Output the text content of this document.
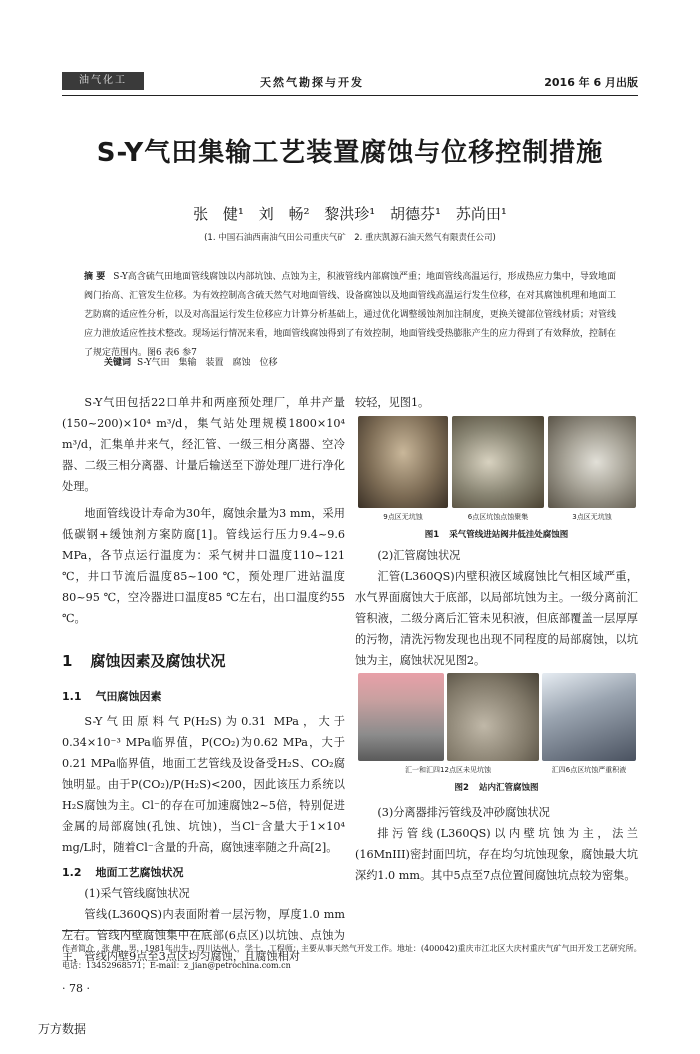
油气化工	天然气勘探与开发	2016 年 6 月出版
S-Y气田集输工艺装置腐蚀与位移控制措施
张 健¹ 刘 畅² 黎洪珍¹ 胡德芬¹ 苏尚田¹
(1. 中国石油西南油气田公司重庆气矿　2. 重庆凯源石油天然气有限责任公司)
摘 要 S-Y高含硫气田地面管线腐蚀以内部坑蚀、点蚀为主，积液管线内部腐蚀严重；地面管线高温运行，形成热应力集中，导致地面阀门抬高、汇管发生位移。为有效控制高含硫天然气对地面管线、设备腐蚀以及地面管线高温运行发生位移，在对其腐蚀机理和地面工艺防腐的适应性分析，以及对高温运行发生位移应力计算分析基础上，通过优化调整缓蚀剂加注制度，更换关键部位管线材质；对管线应力泄放适应性技术整改。现场运行情况来看，地面管线腐蚀得到了有效控制，地面管线受热膨胀产生的应力得到了有效释放，控制在了规定范围内。图6 表6 参7
关键词 S-Y气田　集输　装置　腐蚀　位移

S-Y气田包括22口单井和两座预处理厂，单井产量(150~200)×10⁴ m³/d，集气站处理规模1800×10⁴ m³/d，汇集单井来气，经汇管、一级三相分离器、空冷器、二级三相分离器、计量后输送至下游处理厂进行净化处理。

地面管线设计寿命为30年，腐蚀余量为3 mm，采用低碳钢+缓蚀剂方案防腐[1]。管线运行压力9.4~9.6 MPa，各节点运行温度为：采气树井口温度110~121 ℃，井口节流后温度85~100 ℃，预处理厂进站温度80~95 ℃，空冷器进口温度85 ℃左右，出口温度约55 ℃。

1 腐蚀因素及腐蚀状况
1.1 气田腐蚀因素

S-Y气田原料气P(H₂S)为0.31 MPa，大于0.34×10⁻³ MPa临界值，P(CO₂)为0.62 MPa，大于0.21 MPa临界值，地面工艺管线及设备受H₂S、CO₂腐蚀明显。由于P(CO₂)/P(H₂S)<200，因此该压力系统以H₂S腐蚀为主。Cl⁻的存在可加速腐蚀2~5倍，特别促进金属的局部腐蚀(孔蚀、坑蚀)，当Cl⁻含量大于1×10⁴ mg/L时，随着Cl⁻含量的升高，腐蚀速率随之升高[2]。

1.2 地面工艺腐蚀状况

(1)采气管线腐蚀状况

管线(L360QS)内表面附着一层污物，厚度1.0 mm左右。管线内壁腐蚀集中在底部(6点区)以坑蚀、点蚀为主，管线内壁9点至3点区均匀腐蚀，且腐蚀相对

较轻，见图1。

9点区无坑蚀	6点区坑蚀点蚀聚集	3点区无坑蚀
图1 采气管线进站阀井低洼处腐蚀图

(2)汇管腐蚀状况

汇管(L360QS)内壁积液区域腐蚀比气相区域严重，水气界面腐蚀大于底部，以局部坑蚀为主。一级分离前汇管积液，二级分离后汇管未见积液，但底部覆盖一层厚厚的污物，清洗污物发现也出现不同程度的局部腐蚀，以坑蚀为主，腐蚀状况见图2。

汇一和汇四12点区未见坑蚀	汇四6点区坑蚀严重积液
图2 站内汇管腐蚀图

(3)分离器排污管线及冲砂腐蚀状况

排污管线(L360QS)以内壁坑蚀为主，法兰(16MnIII)密封面凹坑，存在均匀坑蚀现象，腐蚀最大坑深约1.0 mm。其中5点至7点位置间腐蚀坑点较为密集。

作者简介　张 健，男，1981年出生，四川达州人，学士，工程师；主要从事天然气开发工作。地址：(400042)重庆市江北区大庆村重庆气矿气田开发工艺研究所。电话：13452968571；E-mail：z_jian@petrochina.com.cn
· 78 ·
万方数据
